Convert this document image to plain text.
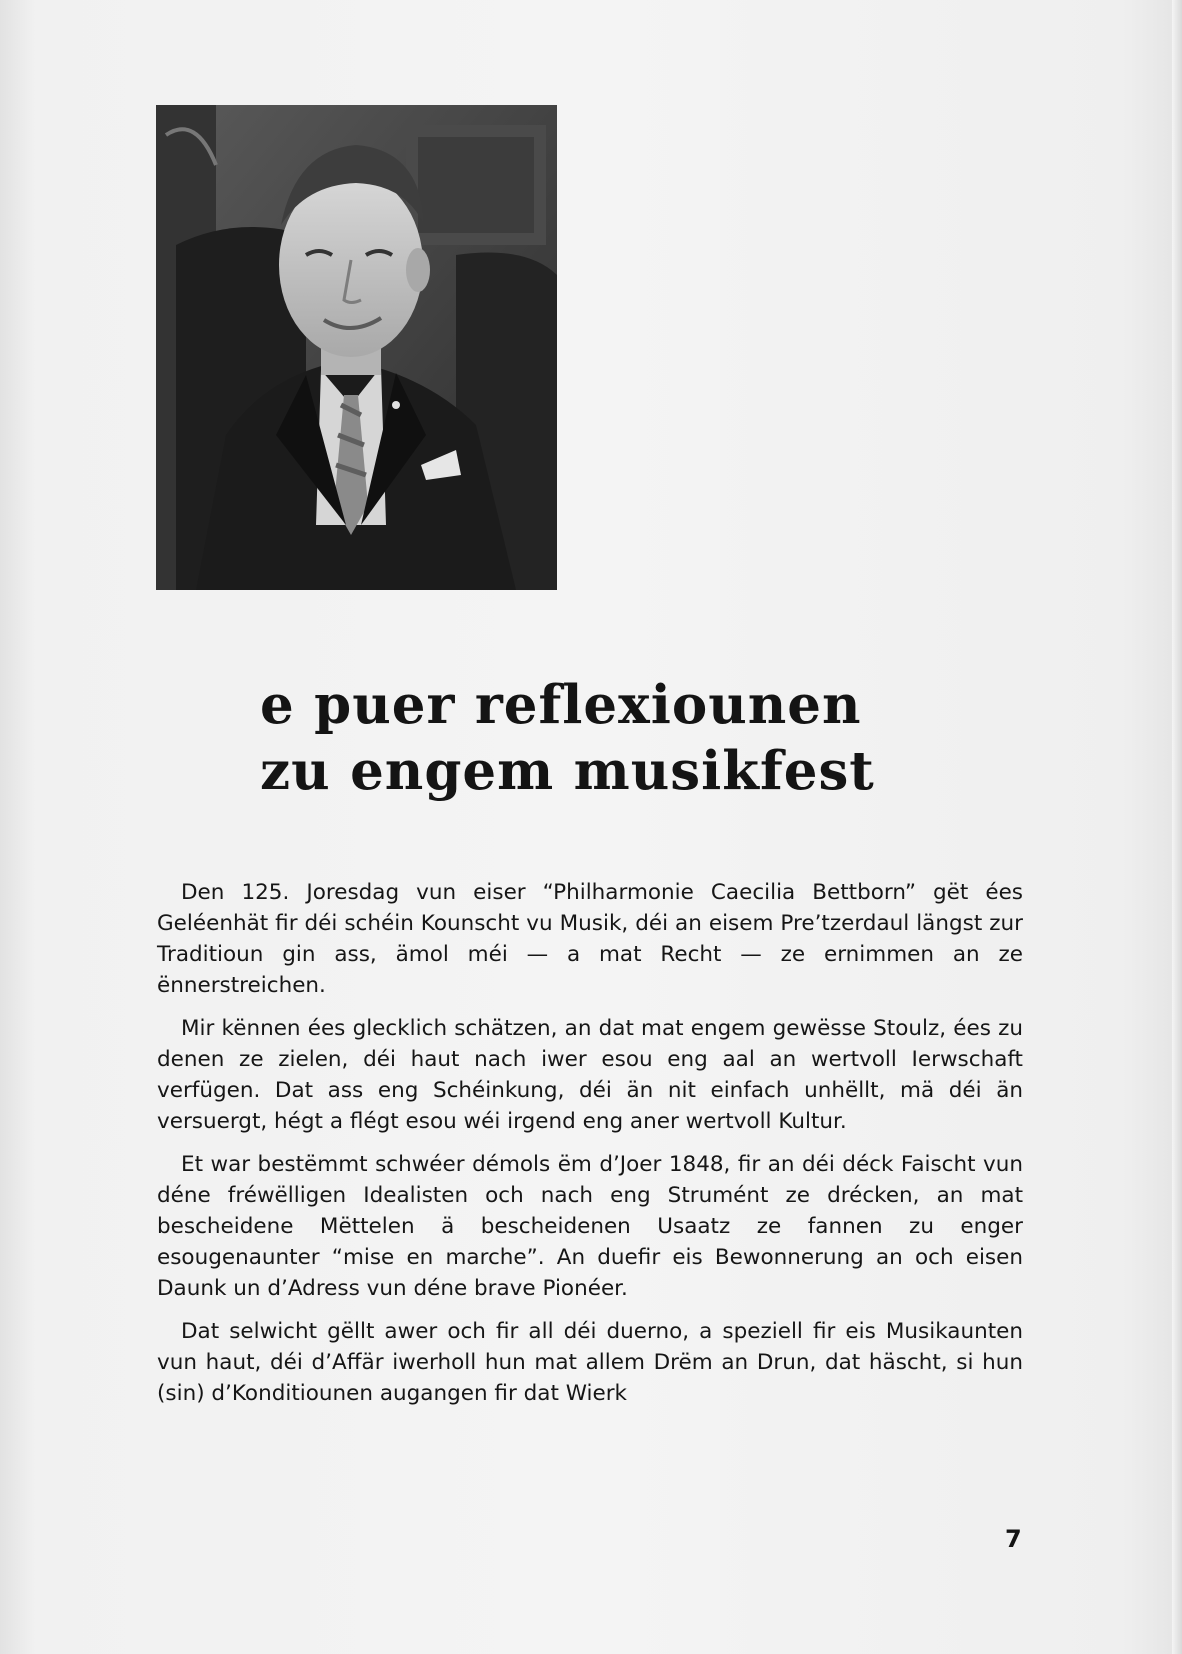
e puer reflexiounen
zu engem musikfest

Den 125. Joresdag vun eiser “Philharmonie Caecilia Bettborn” gët ées Geléenhät fir déi schéin Kounscht vu Musik, déi an eisem Pre’tzerdaul längst zur Traditioun gin ass, ämol méi — a mat Recht — ze ernimmen an ze ënnerstreichen.

Mir kënnen ées glecklich schätzen, an dat mat engem gewësse Stoulz, ées zu denen ze zielen, déi haut nach iwer esou eng aal an wertvoll Ierwschaft verfügen. Dat ass eng Schéinkung, déi än nit einfach unhëllt, mä déi än versuergt, hégt a flégt esou wéi irgend eng aner wertvoll Kultur.

Et war bestëmmt schwéer démols ëm d’Joer 1848, fir an déi déck Faischt vun déne fréwëlligen Idealisten och nach eng Strumént ze drécken, an mat bescheidene Mëttelen ä bescheidenen Usaatz ze fannen zu enger esougenaunter “mise en marche”. An duefir eis Bewonnerung an och eisen Daunk un d’Adress vun déne brave Pionéer.

Dat selwicht gëllt awer och fir all déi duerno, a speziell fir eis Musikaunten vun haut, déi d’Affär iwerholl hun mat allem Drëm an Drun, dat häscht, si hun (sin) d’Konditiounen augangen fir dat Wierk

7
